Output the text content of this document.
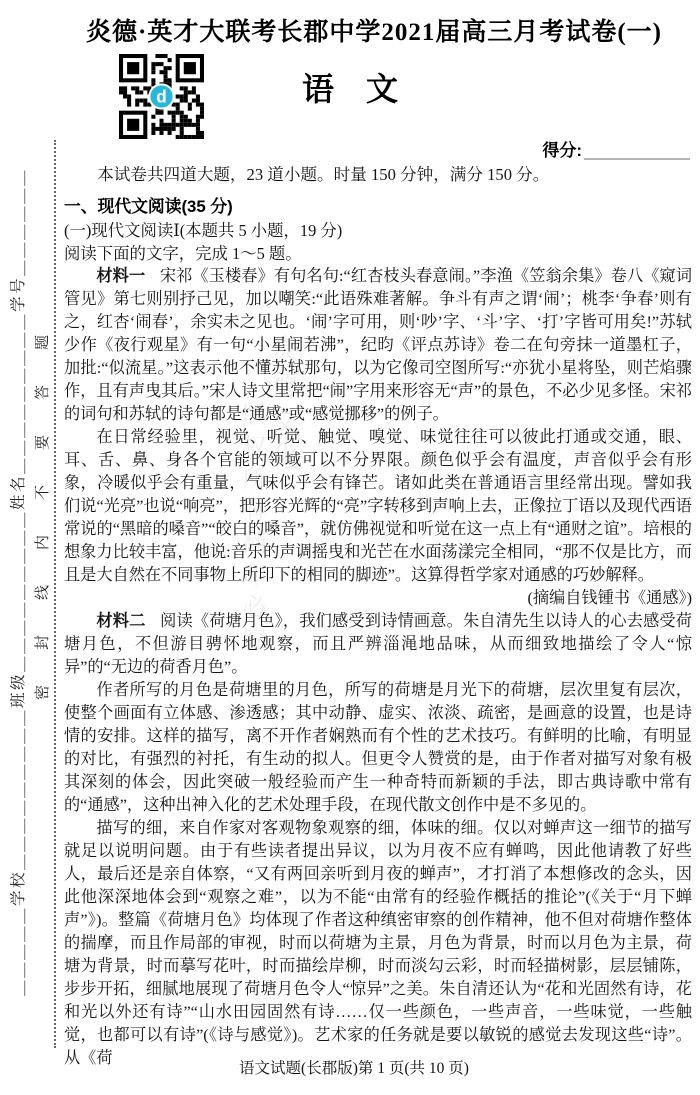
＿＿＿＿＿学校＿＿＿＿＿＿＿＿＿班级＿＿＿＿＿＿＿＿＿姓名＿＿＿＿＿＿＿＿＿学号＿＿＿＿＿＿ 密　封　线　内　不　要　答　题	炎德文化
版权所有翻印必究
炎德·英才大联考长郡中学2021届高三月考试卷(一)
d	语　文
得分:
本试卷共四道大题，23 道小题。时量 150 分钟，满分 150 分。

一、现代文阅读(35 分)

(一)现代文阅读Ⅰ(本题共 5 小题，19 分)

阅读下面的文字，完成 1～5 题。

材料一 宋祁《玉楼春》有句名句:“红杏枝头春意闹。”李渔《笠翁余集》卷八《窥词管见》第七则别抒己见，加以嘲笑:“此语殊难著解。争斗有声之谓‘闹’；桃李‘争春’则有之，红杏‘闹春’，余实未之见也。‘闹’字可用，则‘吵’字、‘斗’字、‘打’字皆可用矣!”苏轼少作《夜行观星》有一句“小星闹若沸”，纪昀《评点苏诗》卷二在句旁抹一道墨杠子，加批:“似流星。”这表示他不懂苏轼那句，以为它像司空图所写:“亦犹小星将坠，则芒焰骤作，且有声曳其后。”宋人诗文里常把“闹”字用来形容无“声”的景色，不必少见多怪。宋祁的词句和苏轼的诗句都是“通感”或“感觉挪移”的例子。

在日常经验里，视觉、听觉、触觉、嗅觉、味觉往往可以彼此打通或交通，眼、耳、舌、鼻、身各个官能的领域可以不分界限。颜色似乎会有温度，声音似乎会有形象，冷暖似乎会有重量，气味似乎会有锋芒。诸如此类在普通语言里经常出现。譬如我们说“光亮”也说“响亮”，把形容光辉的“亮”字转移到声响上去，正像拉丁语以及现代西语常说的“黑暗的嗓音”“皎白的嗓音”，就仿佛视觉和听觉在这一点上有“通财之谊”。培根的想象力比较丰富，他说:音乐的声调摇曳和光芒在水面荡漾完全相同，“那不仅是比方，而且是大自然在不同事物上所印下的相同的脚迹”。这算得哲学家对通感的巧妙解释。

(摘编自钱锺书《通感》)

材料二 阅读《荷塘月色》，我们感受到诗情画意。朱自清先生以诗人的心去感受荷塘月色，不但游目骋怀地观察，而且严辨淄渑地品味，从而细致地描绘了令人“惊异”的“无边的荷香月色”。

作者所写的月色是荷塘里的月色，所写的荷塘是月光下的荷塘，层次里复有层次，使整个画面有立体感、渗透感；其中动静、虚实、浓淡、疏密，是画意的设置，也是诗情的安排。这样的描写，离不开作者娴熟而有个性的艺术技巧。有鲜明的比喻，有明显的对比，有强烈的衬托，有生动的拟人。但更令人赞赏的是，由于作者对描写对象有极其深刻的体会，因此突破一般经验而产生一种奇特而新颖的手法，即古典诗歌中常有的“通感”，这种出神入化的艺术处理手段，在现代散文创作中是不多见的。

描写的细，来自作家对客观物象观察的细，体味的细。仅以对蝉声这一细节的描写就足以说明问题。由于有些读者提出异议，以为月夜不应有蝉鸣，因此他请教了好些人，最后还是亲自体察，“又有两回亲听到月夜的蝉声”，才打消了本想修改的念头，因此他深深地体会到“观察之难”，以为不能“由常有的经验作概括的推论”(《关于“月下蝉声”》)。整篇《荷塘月色》均体现了作者这种缜密审察的创作精神，他不但对荷塘作整体的揣摩，而且作局部的审视，时而以荷塘为主景，月色为背景，时而以月色为主景，荷塘为背景，时而摹写花叶，时而描绘岸柳，时而淡勾云彩，时而轻描树影，层层铺陈，步步开拓，细腻地展现了荷塘月色令人“惊异”之美。朱自清还认为“花和光固然有诗，花和光以外还有诗”“山水田园固然有诗……仅一些颜色，一些声音，一些味觉，一些触觉，也都可以有诗”(《诗与感觉》)。艺术家的任务就是要以敏锐的感觉去发现这些“诗”。从《荷

语文试题(长郡版)第 1 页(共 10 页)
